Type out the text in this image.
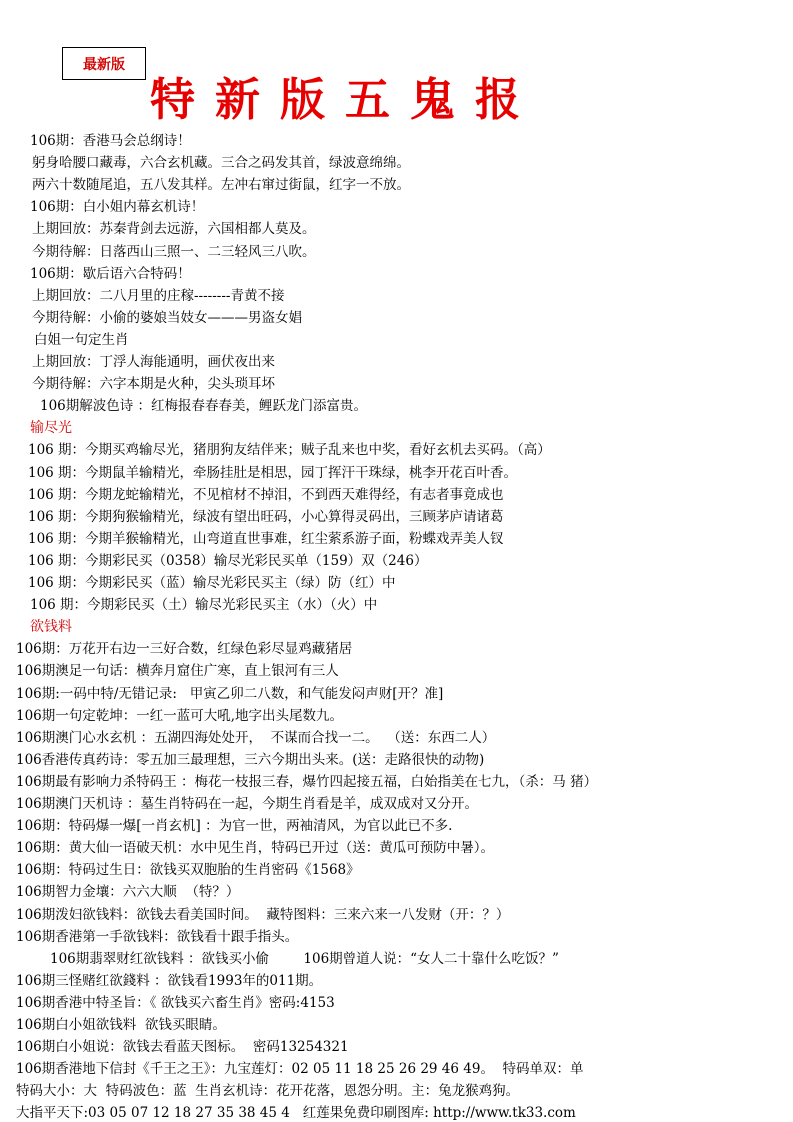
最新版
特新版五鬼报
106期：香港马会总纲诗！
躬身哈腰口藏毒，六合玄机藏。三合之码发其首，绿波意绵绵。
两六十数随尾追，五八发其样。左冲右窜过街鼠，红字一不放。
106期：白小姐内幕玄机诗！
上期回放：苏秦背剑去远游，六国相都人莫及。
今期待解：日落西山三照一、二三轻风三八吹。
106期：歇后语六合特码！
上期回放：二八月里的庄稼--------青黄不接
今期待解：小偷的婆娘当妓女———男盗女娼
白姐一句定生肖
上期回放：丁浮人海能通明，画伏夜出来
今期待解：六字本期是火种，尖头琐耳坏
106期解波色诗 ：红梅报春春春美，鲤跃龙门添富贵。
输尽光
106 期：今期买鸡输尽光，猪朋狗友结伴来；贼子乱来也中奖，看好玄机去买码。（高）
106 期：今期鼠羊输精光，牵肠挂肚是相思，园丁挥汗干珠绿，桃李开花百叶香。
106 期：今期龙蛇输精光，不见棺材不掉泪，不到西天难得经，有志者事竟成也
106 期：今期狗猴输精光，绿波有望出旺码，小心算得灵码出，三顾茅庐请诸葛
106 期：今期羊猴输精光，山弯道直世事难，红尘萦系游子面，粉蝶戏弄美人钗
106 期：今期彩民买（0358）输尽光彩民买单（159）双（246）
106 期：今期彩民买（蓝）输尽光彩民买主（绿）防（红）中
106 期：今期彩民买（土）输尽光彩民买主（水）（火）中
欲钱料
106期：万花开右边一三好合数，红绿色彩尽显鸡藏猪居
106期澳足一句话：横奔月窟住广寒，直上银河有三人
106期:一码中特/无错记录:   甲寅乙卯二八数，和气能发闷声财[开？准]
106期一句定乾坤：一红一蓝可大吼,地字出头尾数九。
106期澳门心水玄机 ：五湖四海处处开，  不谋而合找一二。  （送：东西二人）
106香港传真药诗：零五加三最理想，三六今期出头来。(送：走路很快的动物)
106期最有影响力杀特码王 ：梅花一枝报三春，爆竹四起接五福，白始指美在七九，（杀：马 猪）
106期澳门天机诗 ：墓生肖特码在一起，今期生肖看是羊，成双成对又分开。
106期：特码爆一爆[一肖玄机] ：为官一世，两袖清风，为官以此已不多.
106期：黄大仙一语破天机：水中见生肖，特码已开过（送：黄瓜可预防中暑）。
106期：特码过生日：欲钱买双胞胎的生肖密码《1568》
106期智力金壤：六六大顺  （特？）
106期泼妇欲钱料：欲钱去看美国时间。  藏特图料：三来六来一八发财（开：？）
106期香港第一手欲钱料：欲钱看十跟手指头。
106期翡翠财红欲钱料 ：欲钱买小偷        106期曾道人说：“女人二十靠什么吃饭？”
106期三怪赌红欲錢料 ：欲钱看1993年的011期。
106期香港中特圣旨：《 欲钱买六畜生肖》密码:4153
106期白小姐欲钱料  欲钱买眼睛。
106期白小姐说：欲钱去看蓝天图标。  密码13254321
106期香港地下信封《千王之王》：九宝莲灯：02 05 11 18 25 26 29 46 49。  特码单双：单
特码大小：大  特码波色：蓝  生肖玄机诗：花开花落，恩怨分明。主：兔龙猴鸡狗。
大指平天下:03 05 07 12 18 27 35 38 45 4   红莲果免费印刷图库: http://www.tk33.com
